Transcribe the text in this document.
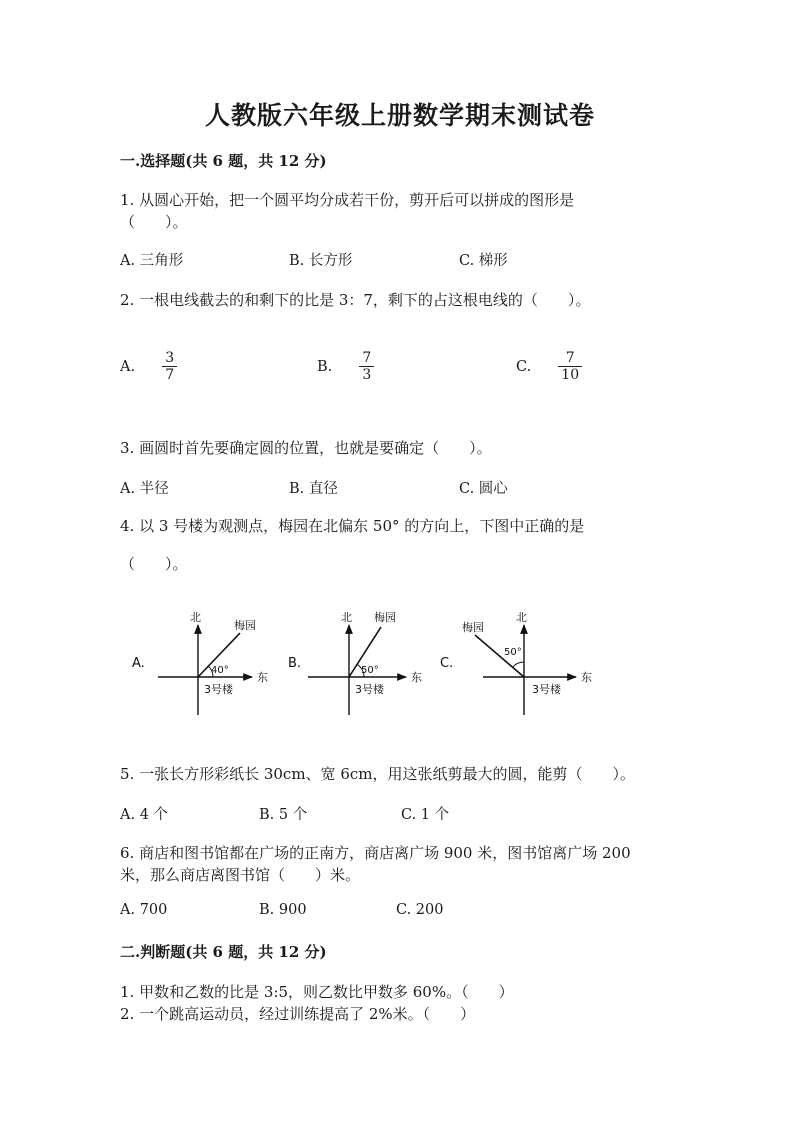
人教版六年级上册数学期末测试卷
一.选择题(共 6 题，共 12 分)
1. 从圆心开始，把一个圆平均分成若干份，剪开后可以拼成的图形是
（　　）。
A. 三角形	B. 长方形	C. 梯形
2. 一根电线截去的和剩下的比是 3：7，剩下的占这根电线的（　　）。
A. $\frac{3}{7}$	B. $\frac{7}{3}$	C. $\frac{7}{10}$
3. 画圆时首先要确定圆的位置，也就是要确定（　　）。
A. 半径	B. 直径	C. 圆心
4. 以 3 号楼为观测点，梅园在北偏东 50° 的方向上，下图中正确的是
（　　）。
A.
北
东
梅园
40°
3号楼
B.
北
东
梅园
50°
3号楼
C.
北
东
梅园
50°
3号楼
5. 一张长方形彩纸长 30cm、宽 6cm，用这张纸剪最大的圆，能剪（　　）。
A. 4 个	B. 5 个	C. 1 个
6. 商店和图书馆都在广场的正南方，商店离广场 900 米，图书馆离广场 200
米，那么商店离图书馆（　　）米。
A. 700	B. 900	C. 200
二.判断题(共 6 题，共 12 分)
1. 甲数和乙数的比是 3:5，则乙数比甲数多 60%。（　　）
2. 一个跳高运动员，经过训练提高了 2%米。（　　）
